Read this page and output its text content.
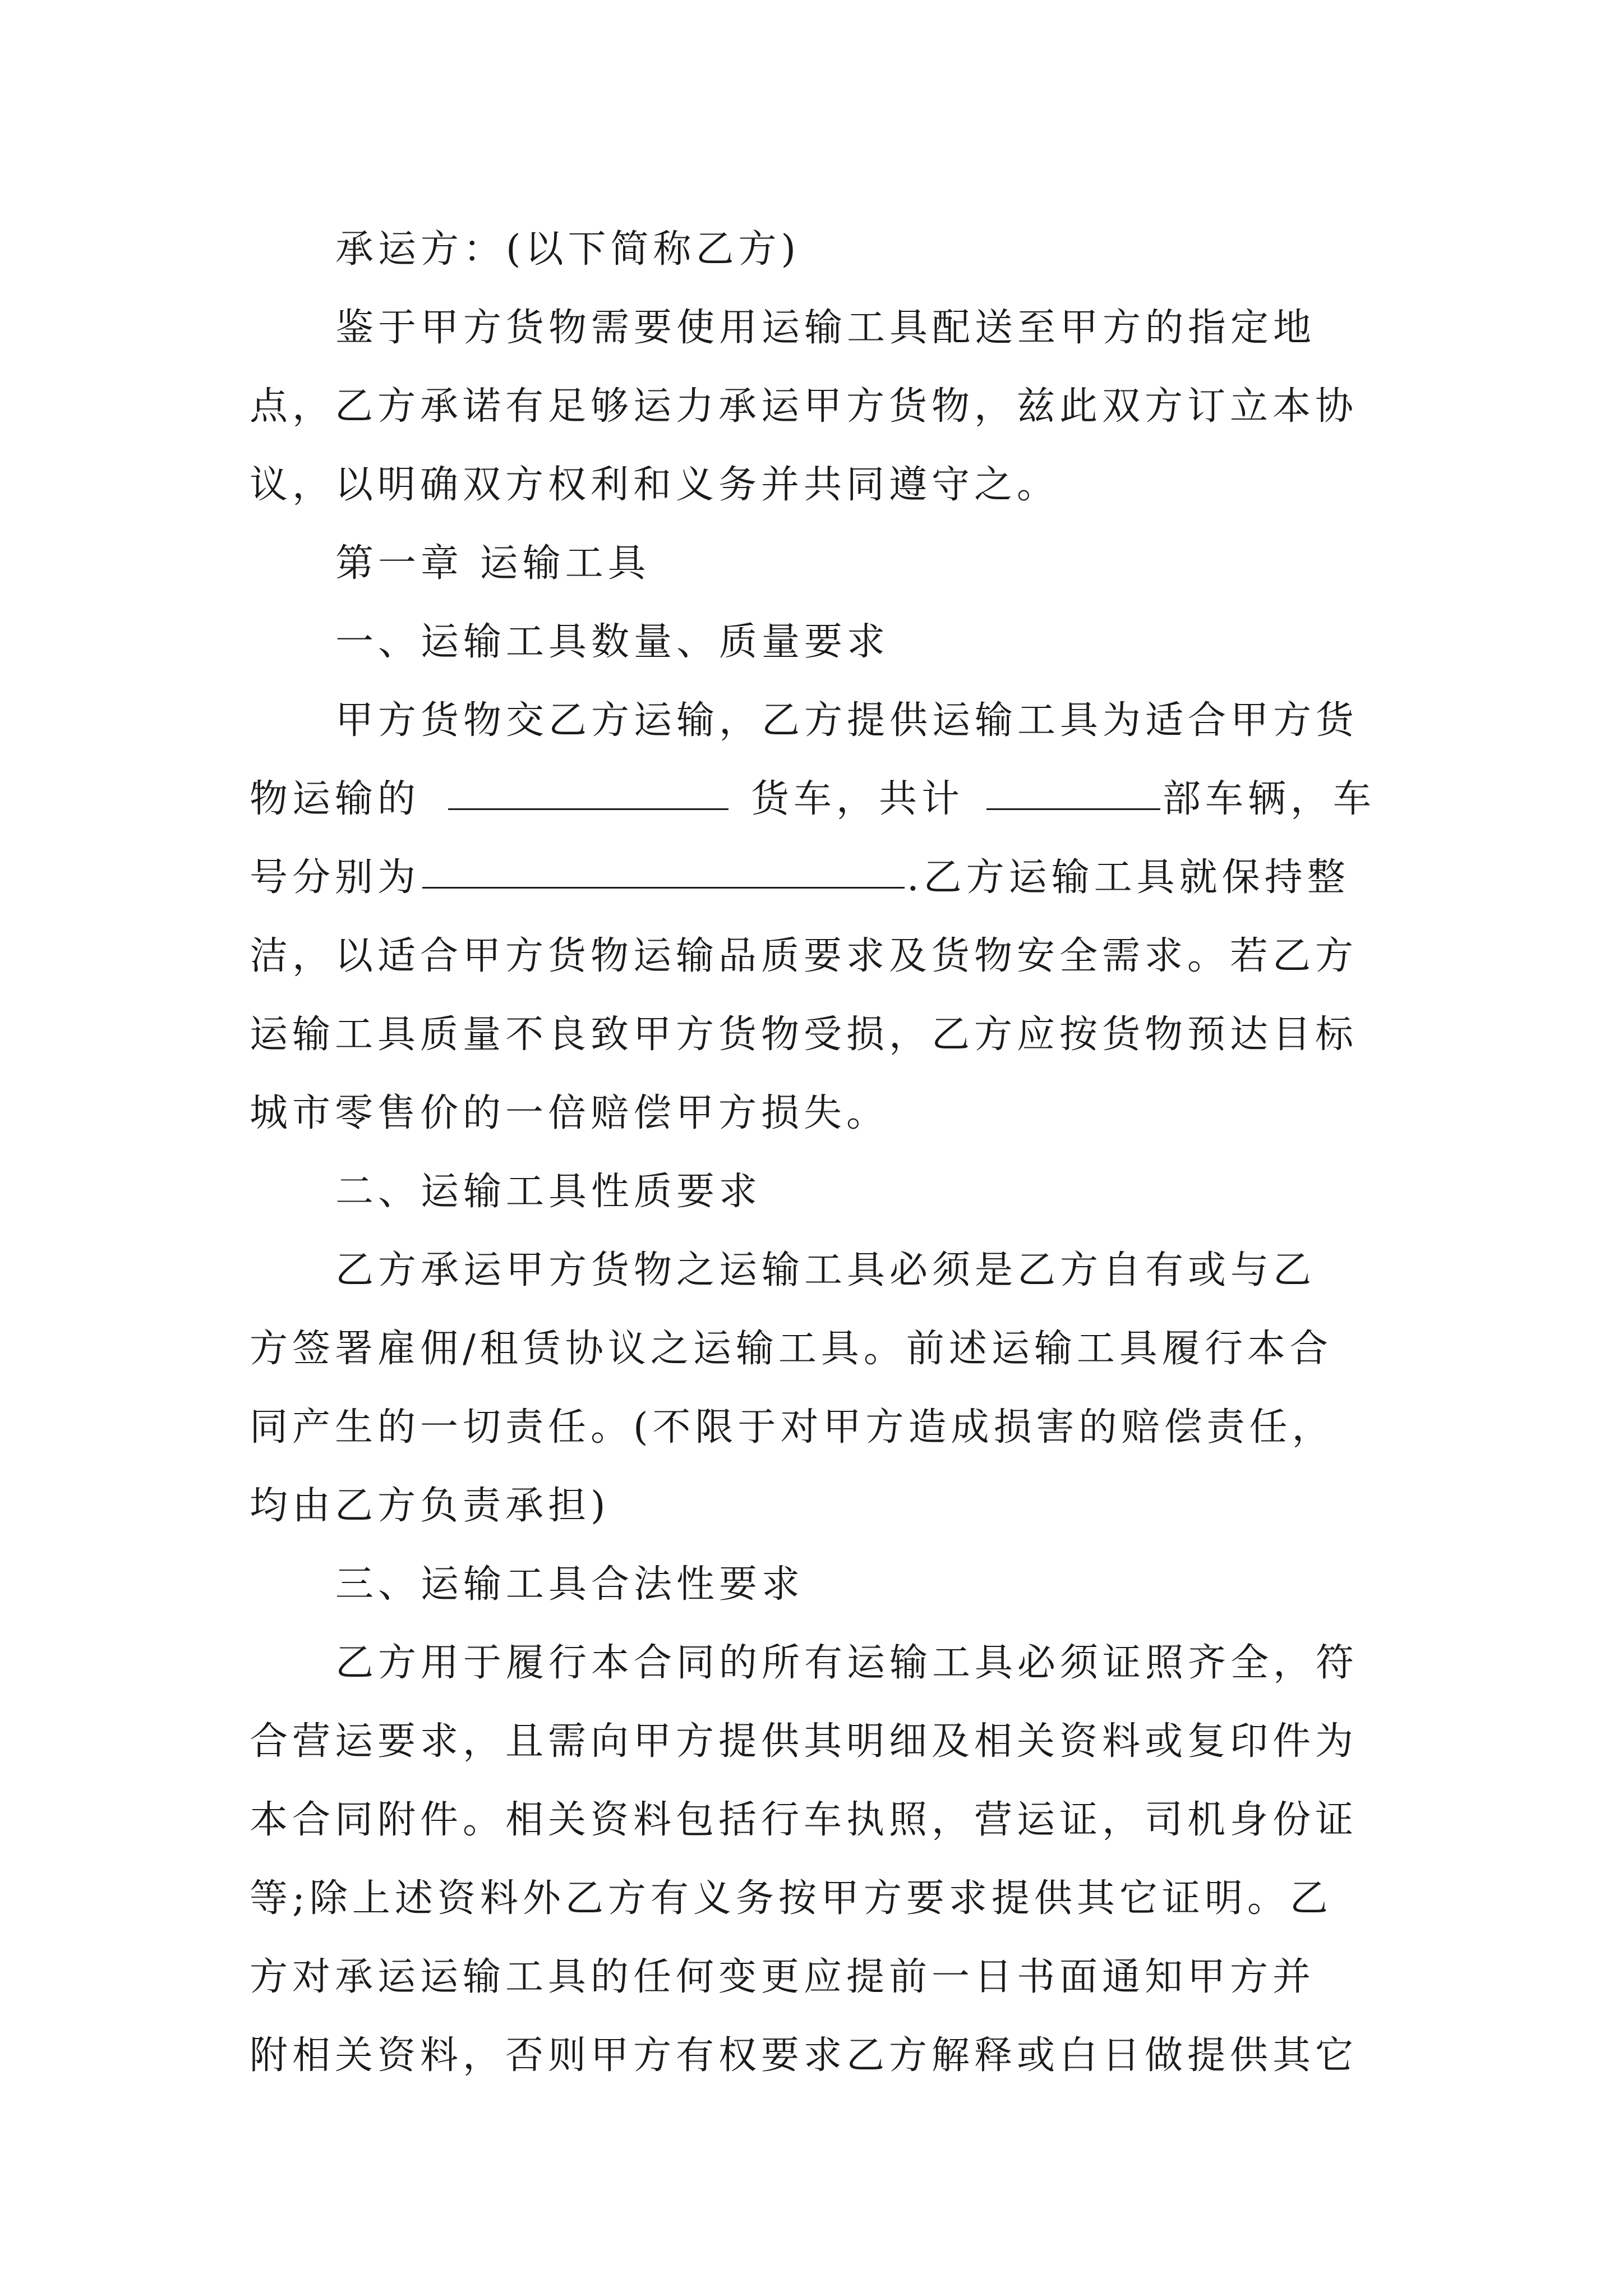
承运方：(以下简称乙方)
鉴于甲方货物需要使用运输工具配送至甲方的指定地
点，乙方承诺有足够运力承运甲方货物，兹此双方订立本协
议，以明确双方权利和义务并共同遵守之。
第一章 运输工具
一、运输工具数量、质量要求
甲方货物交乙方运输，乙方提供运输工具为适合甲方货
物运输的	货车，共计	部车辆，车
号分别为	.乙方运输工具就保持整
洁，以适合甲方货物运输品质要求及货物安全需求。若乙方
运输工具质量不良致甲方货物受损，乙方应按货物预达目标
城市零售价的一倍赔偿甲方损失。
二、运输工具性质要求
乙方承运甲方货物之运输工具必须是乙方自有或与乙
方签署雇佣/租赁协议之运输工具。前述运输工具履行本合
同产生的一切责任。(不限于对甲方造成损害的赔偿责任，
均由乙方负责承担)
三、运输工具合法性要求
乙方用于履行本合同的所有运输工具必须证照齐全，符
合营运要求，且需向甲方提供其明细及相关资料或复印件为
本合同附件。相关资料包括行车执照，营运证，司机身份证
等;除上述资料外乙方有义务按甲方要求提供其它证明。乙
方对承运运输工具的任何变更应提前一日书面通知甲方并
附相关资料，否则甲方有权要求乙方解释或白日做提供其它
